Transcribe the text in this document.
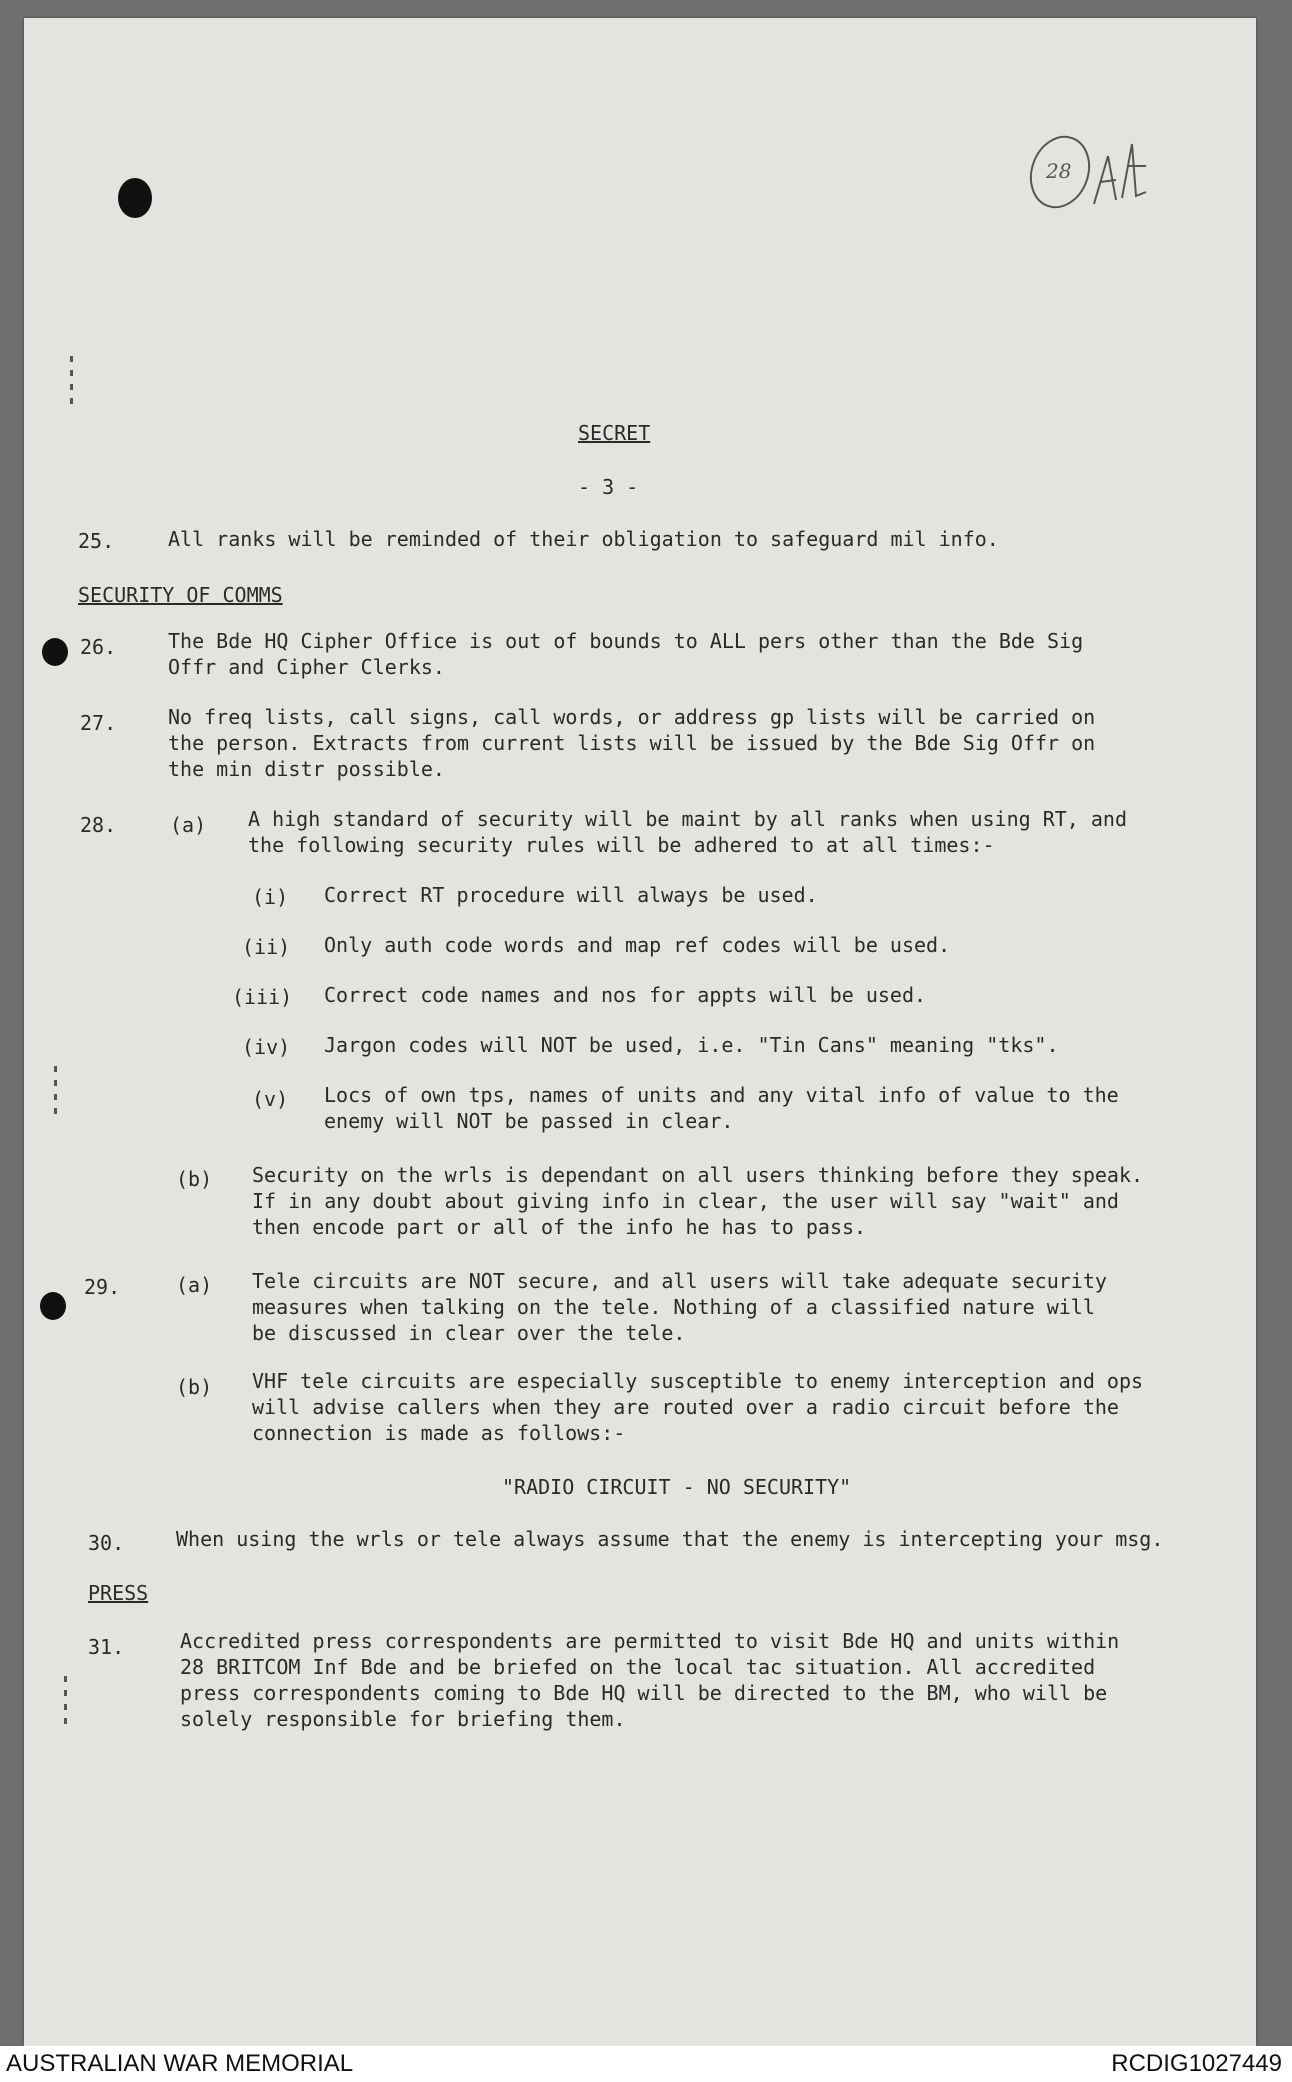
28
SECRET
- 3 -
25.	All ranks will be reminded of their obligation to safeguard mil info.
SECURITY OF COMMS
26.	The Bde HQ Cipher Office is out of bounds to ALL pers other than the Bde Sig
Offr and Cipher Clerks.
27.	No freq lists, call signs, call words, or address gp lists will be carried on
the person. Extracts from current lists will be issued by the Bde Sig Offr on
the min distr possible.
28.	(a) A high standard of security will be maint by all ranks when using RT, and
the following security rules will be adhered to at all times:-
(i) Correct RT procedure will always be used.
(ii) Only auth code words and map ref codes will be used.
(iii) Correct code names and nos for appts will be used.
(iv) Jargon codes will NOT be used, i.e. "Tin Cans" meaning "tks".
(v) Locs of own tps, names of units and any vital info of value to the
enemy will NOT be passed in clear.
(b) Security on the wrls is dependant on all users thinking before they speak.
If in any doubt about giving info in clear, the user will say "wait" and
then encode part or all of the info he has to pass.
29.	(a) Tele circuits are NOT secure, and all users will take adequate security
measures when talking on the tele. Nothing of a classified nature will
be discussed in clear over the tele.
(b) VHF tele circuits are especially susceptible to enemy interception and ops
will advise callers when they are routed over a radio circuit before the
connection is made as follows:-
"RADIO CIRCUIT - NO SECURITY"
30.	When using the wrls or tele always assume that the enemy is intercepting your msg.
PRESS
31.	Accredited press correspondents are permitted to visit Bde HQ and units within
28 BRITCOM Inf Bde and be briefed on the local tac situation. All accredited
press correspondents coming to Bde HQ will be directed to the BM, who will be
solely responsible for briefing them.
AUSTRALIAN WAR MEMORIAL	RCDIG1027449
